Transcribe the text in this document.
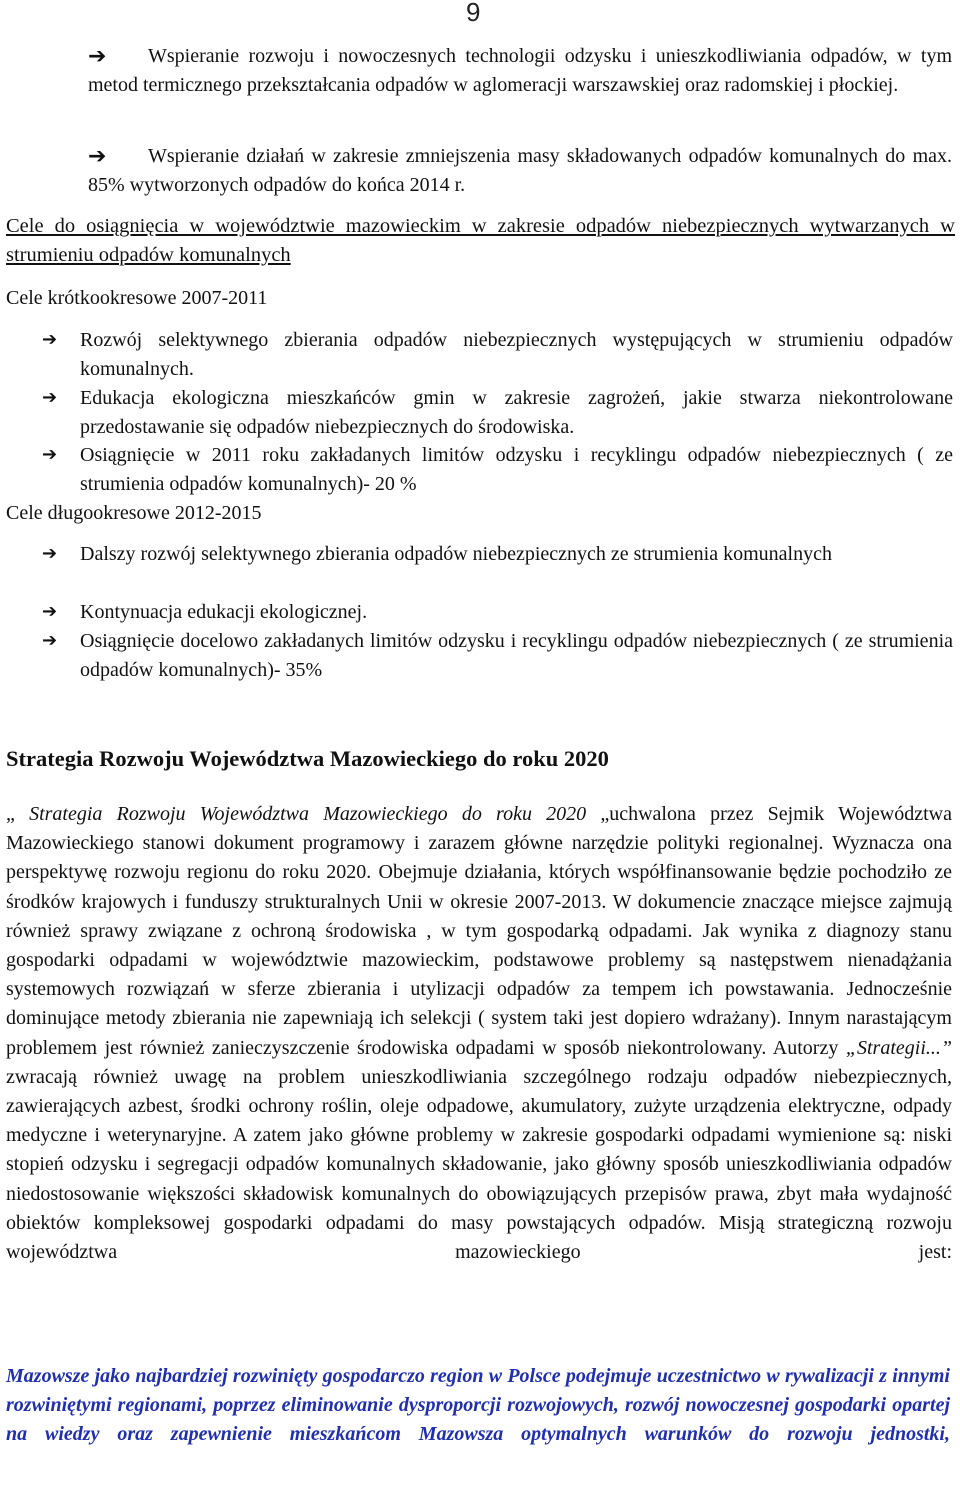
9
➔	Wspieranie rozwoju i nowoczesnych technologii odzysku i unieszkodliwiania odpadów, w tym metod termicznego przekształcania odpadów w aglomeracji warszawskiej oraz radomskiej i płockiej.
➔	Wspieranie działań w zakresie zmniejszenia masy składowanych odpadów komunalnych do max. 85% wytworzonych odpadów do końca 2014 r.
Cele do osiągnięcia w województwie mazowieckim w zakresie odpadów niebezpiecznych wytwarzanych w strumieniu odpadów komunalnych
Cele krótkookresowe 2007-2011
➔	Rozwój selektywnego zbierania odpadów niebezpiecznych występujących w strumieniu odpadów komunalnych.
➔	Edukacja ekologiczna mieszkańców gmin w zakresie zagrożeń, jakie stwarza niekontrolowane przedostawanie się odpadów niebezpiecznych do środowiska.
➔	Osiągnięcie w 2011 roku zakładanych limitów odzysku i recyklingu odpadów niebezpiecznych ( ze strumienia odpadów komunalnych)- 20 %
Cele długookresowe 2012-2015
➔	Dalszy rozwój selektywnego zbierania odpadów niebezpiecznych ze strumienia komunalnych
➔	Kontynuacja edukacji ekologicznej.
➔	Osiągnięcie docelowo zakładanych limitów odzysku i recyklingu odpadów niebezpiecznych ( ze strumienia odpadów komunalnych)- 35%
Strategia Rozwoju Województwa Mazowieckiego do roku 2020
„ Strategia Rozwoju Województwa Mazowieckiego do roku 2020 „uchwalona przez Sejmik Województwa Mazowieckiego stanowi dokument programowy i zarazem główne narzędzie polityki regionalnej. Wyznacza ona perspektywę rozwoju regionu do roku 2020. Obejmuje działania, których współfinansowanie będzie pochodziło ze środków krajowych i funduszy strukturalnych Unii w okresie 2007-2013. W dokumencie znaczące miejsce zajmują również sprawy związane z ochroną środowiska , w tym gospodarką odpadami. Jak wynika z diagnozy stanu gospodarki odpadami w województwie mazowieckim, podstawowe problemy są następstwem nienadążania systemowych rozwiązań w sferze zbierania i utylizacji odpadów za tempem ich powstawania. Jednocześnie dominujące metody zbierania nie zapewniają ich selekcji ( system taki jest dopiero wdrażany). Innym narastającym problemem jest również zanieczyszczenie środowiska odpadami w sposób niekontrolowany. Autorzy „Strategii...” zwracają również uwagę na problem unieszkodliwiania szczególnego rodzaju odpadów niebezpiecznych, zawierających azbest, środki ochrony roślin, oleje odpadowe, akumulatory, zużyte urządzenia elektryczne, odpady medyczne i weterynaryjne. A zatem jako główne problemy w zakresie gospodarki odpadami wymienione są: niski stopień odzysku i segregacji odpadów komunalnych składowanie, jako główny sposób unieszkodliwiania odpadów niedostosowanie większości składowisk komunalnych do obowiązujących przepisów prawa, zbyt mała wydajność obiektów kompleksowej gospodarki odpadami do masy powstających odpadów. Misją strategiczną rozwoju województwa mazowieckiego jest:
Mazowsze jako najbardziej rozwinięty gospodarczo region w Polsce podejmuje uczestnictwo w rywalizacji z innymi rozwiniętymi regionami, poprzez eliminowanie dysproporcji rozwojowych, rozwój nowoczesnej gospodarki opartej na wiedzy oraz zapewnienie mieszkańcom Mazowsza optymalnych warunków do rozwoju jednostki,
